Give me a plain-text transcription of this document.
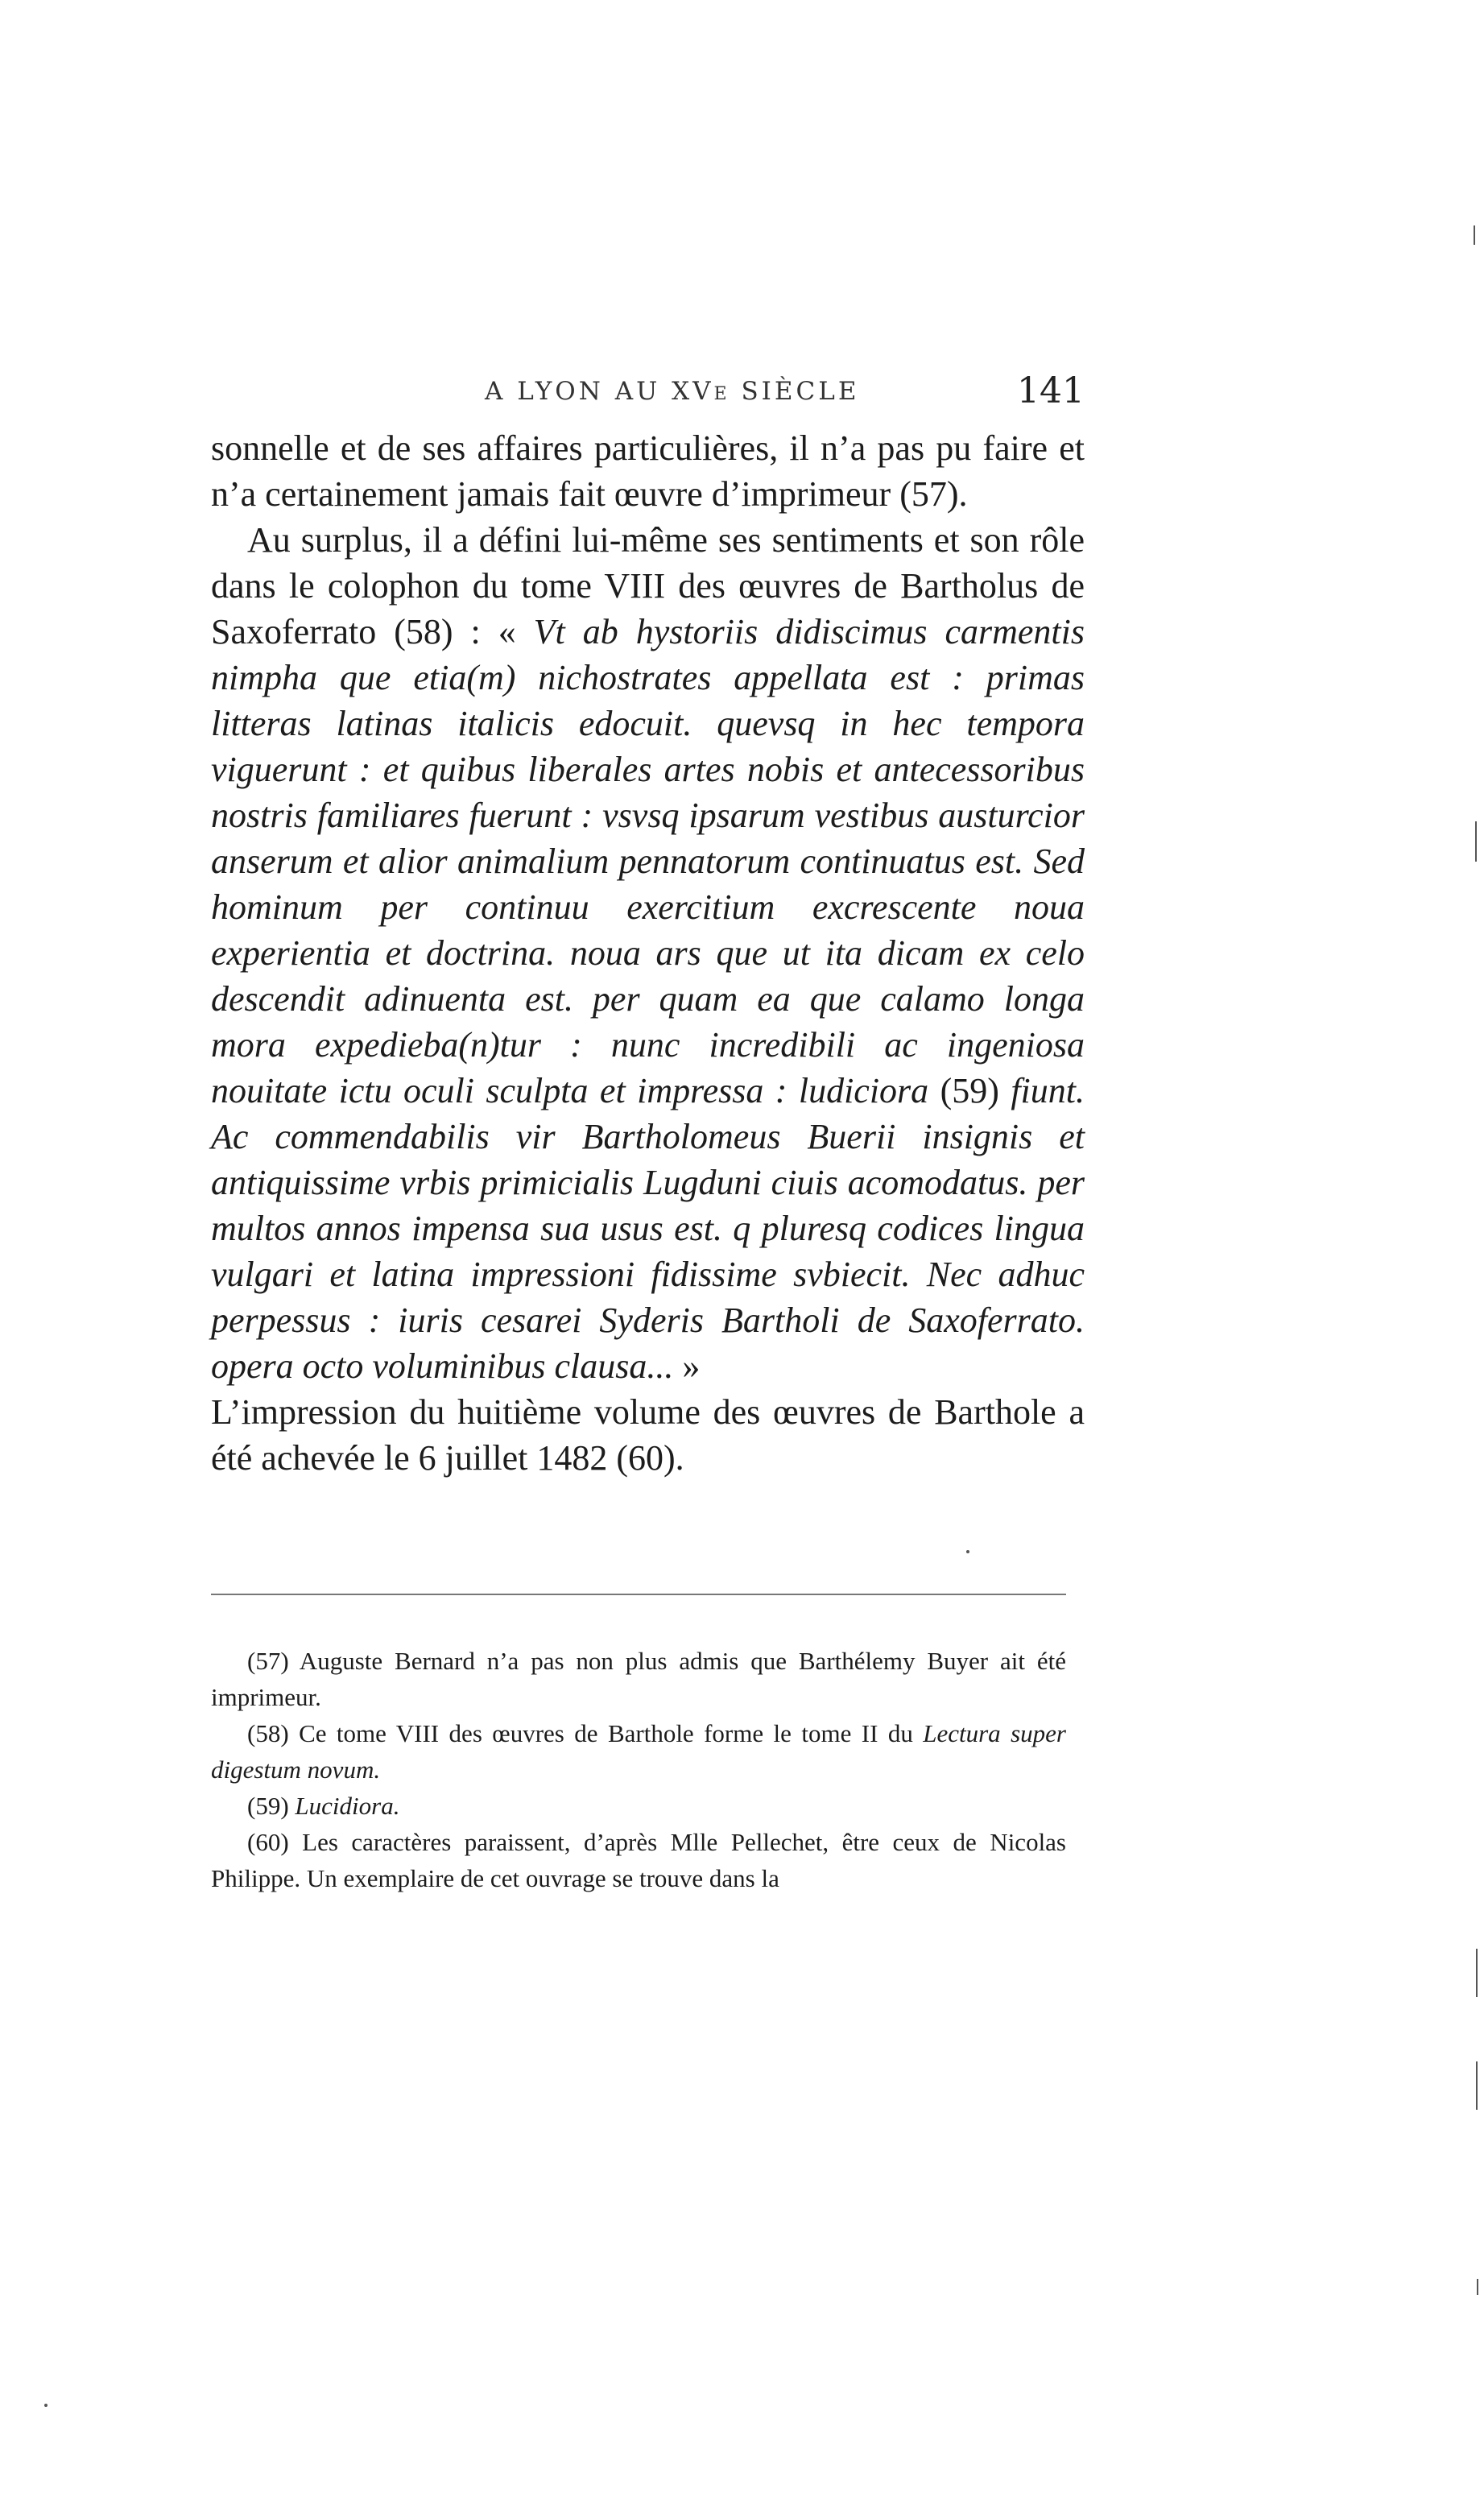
A LYON AU XVe SIÈCLE	141

sonnelle et de ses affaires particulières, il n’a pas pu faire et n’a certainement jamais fait œuvre d’imprimeur (57).

Au surplus, il a défini lui-même ses sentiments et son rôle dans le colophon du tome VIII des œuvres de Bartholus de Saxoferrato (58) : « Vt ab hystoriis didiscimus carmentis nimpha que etia(m) nichostrates appellata est : primas litteras latinas italicis edocuit. quevsq in hec tempora viguerunt : et quibus liberales artes nobis et antecessoribus nostris familiares fuerunt : vsvsq ipsarum vestibus austurcior anserum et alior animalium pennatorum continuatus est. Sed hominum per continuu exercitium excrescente noua experientia et doctrina. noua ars que ut ita dicam ex celo descendit adinuenta est. per quam ea que calamo longa mora expedieba(n)tur : nunc incredibili ac ingeniosa nouitate ictu oculi sculpta et impressa : ludiciora (59) fiunt. Ac commendabilis vir Bartholomeus Buerii insignis et antiquissime vrbis primicialis Lugduni ciuis acomodatus. per multos annos impensa sua usus est. q pluresq codices lingua vulgari et latina impressioni fidissime svbiecit. Nec adhuc perpessus : iuris cesarei Syderis Bartholi de Saxoferrato. opera octo voluminibus clausa... »

L’impression du huitième volume des œuvres de Barthole a été achevée le 6 juillet 1482 (60).

(57) Auguste Bernard n’a pas non plus admis que Barthélemy Buyer ait été imprimeur.

(58) Ce tome VIII des œuvres de Barthole forme le tome II du Lectura super digestum novum.

(59) Lucidiora.

(60) Les caractères paraissent, d’après Mlle Pellechet, être ceux de Nicolas Philippe. Un exemplaire de cet ouvrage se trouve dans la
